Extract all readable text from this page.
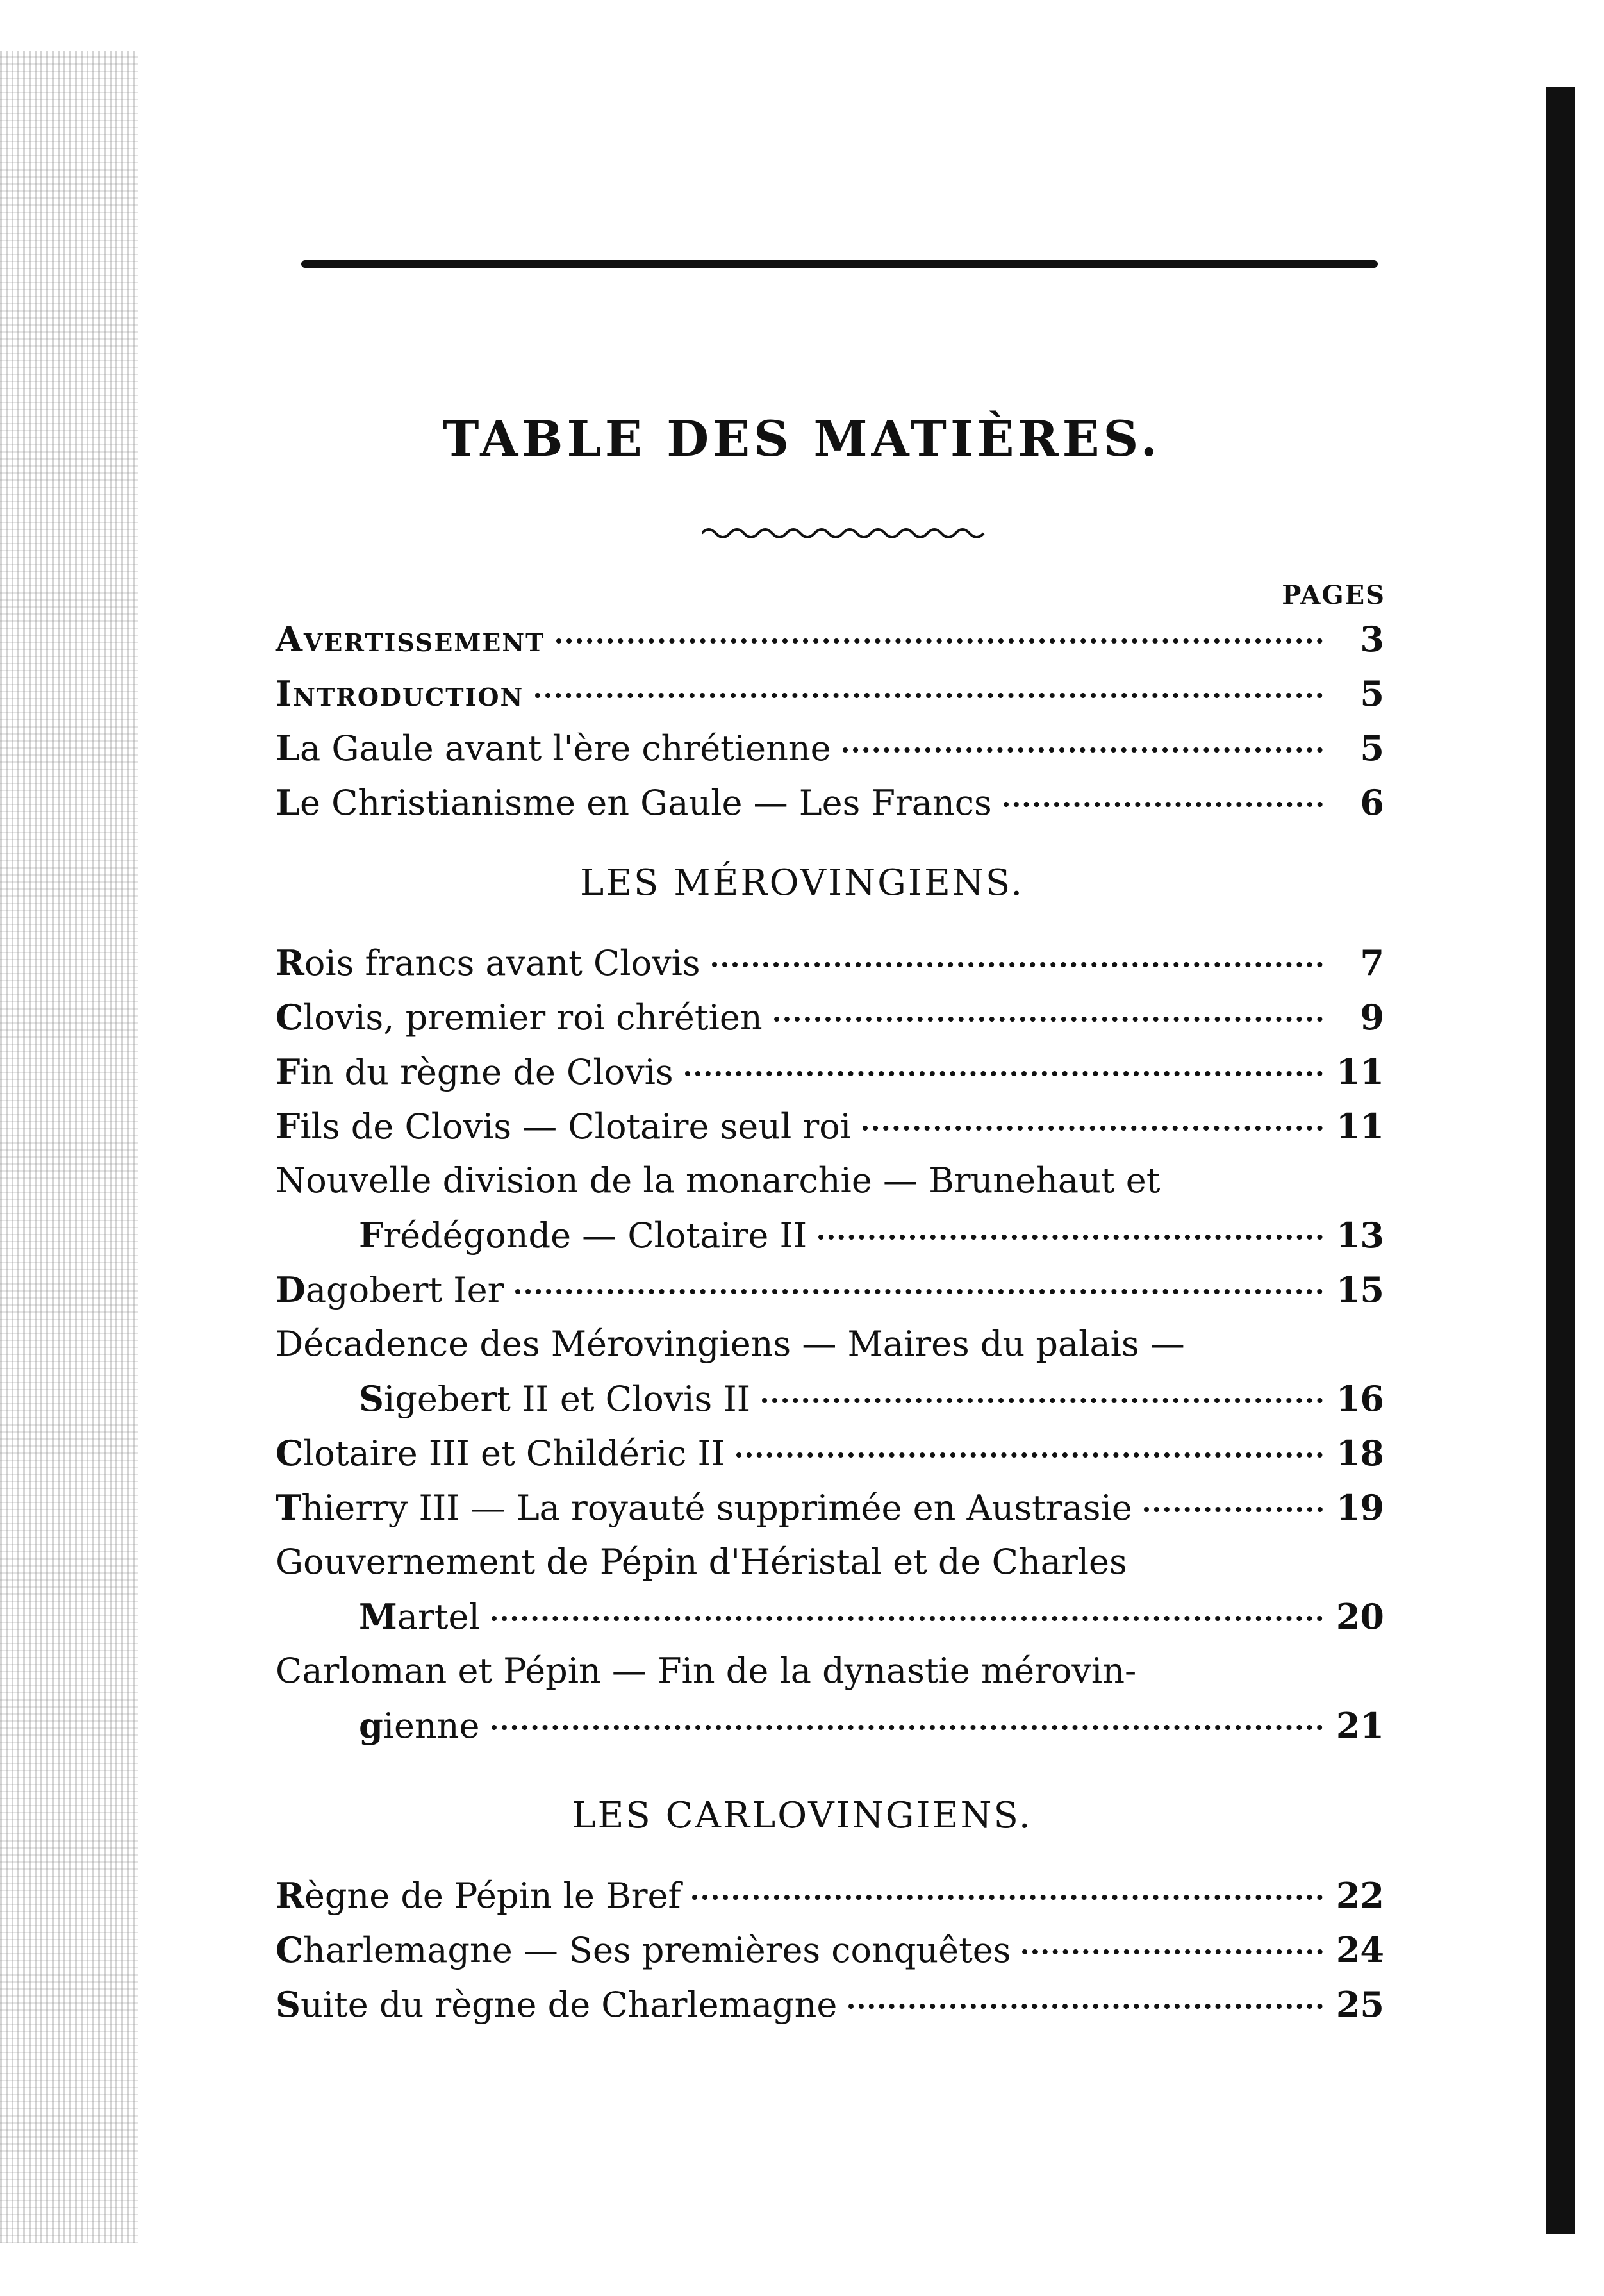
TABLE DES MATIÈRES.
PAGES
Avertissement	3
Introduction	5
La Gaule avant l'ère chrétienne	5
Le Christianisme en Gaule — Les Francs	6
LES MÉROVINGIENS.
Rois francs avant Clovis	7
Clovis, premier roi chrétien	9
Fin du règne de Clovis	11
Fils de Clovis — Clotaire seul roi	11
Nouvelle division de la monarchie — Brunehaut et
Frédégonde — Clotaire II	13
Dagobert Ier	15
Décadence des Mérovingiens — Maires du palais —
Sigebert II et Clovis II	16
Clotaire III et Childéric II	18
Thierry III — La royauté supprimée en Austrasie	19
Gouvernement de Pépin d'Héristal et de Charles
Martel	20
Carloman et Pépin — Fin de la dynastie mérovin-
gienne	21
LES CARLOVINGIENS.
Règne de Pépin le Bref	22
Charlemagne — Ses premières conquêtes	24
Suite du règne de Charlemagne	25
